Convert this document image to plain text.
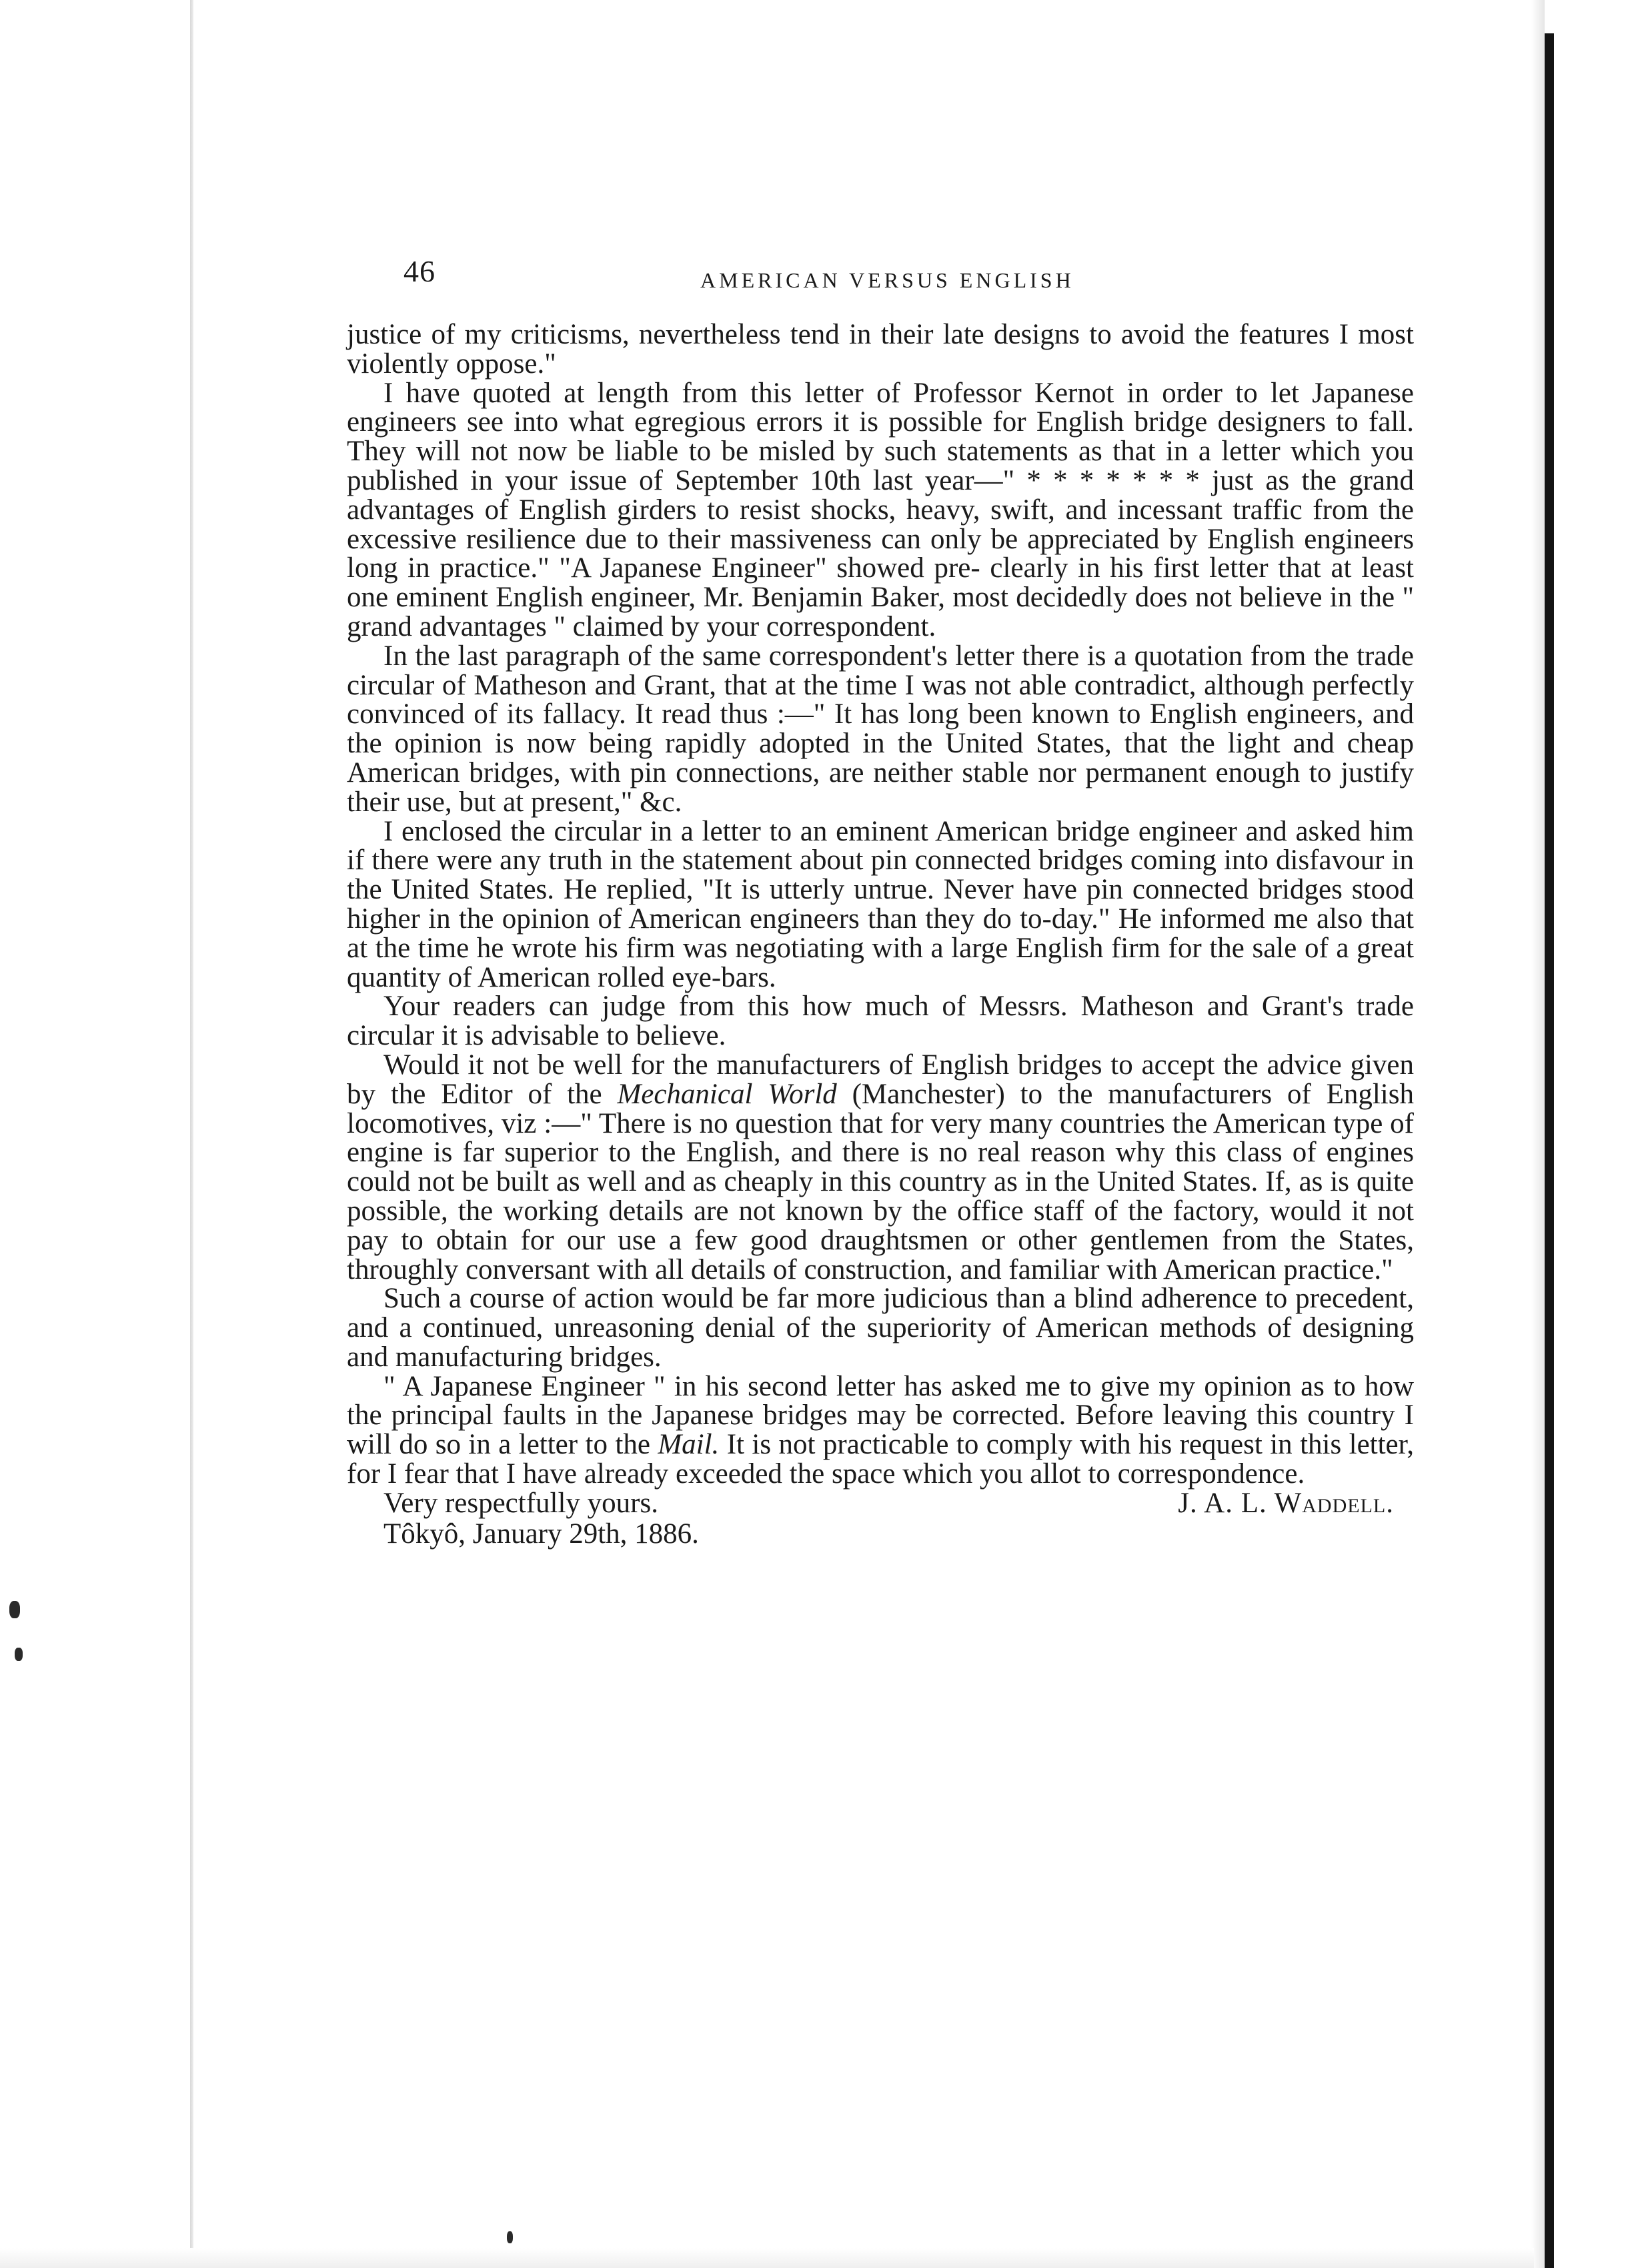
46	AMERICAN VERSUS ENGLISH

justice of my criticisms, nevertheless tend in their late designs to avoid the features I most violently oppose."

I have quoted at length from this letter of Professor Kernot in order to let Japanese engineers see into what egregious errors it is possible for English bridge designers to fall. They will not now be liable to be misled by such statements as that in a letter which you published in your issue of September 10th last year—" * * * * * * * just as the grand advantages of English girders to resist shocks, heavy, swift, and incessant traffic from the excessive resilience due to their massiveness can only be appreciated by English engineers long in practice." "A Japanese Engineer" showed pre- clearly in his first letter that at least one eminent English engineer, Mr. Benjamin Baker, most decidedly does not believe in the " grand advantages " claimed by your correspondent.

In the last paragraph of the same correspondent's letter there is a quotation from the trade circular of Matheson and Grant, that at the time I was not able contradict, although perfectly convinced of its fallacy. It read thus :—" It has long been known to English engineers, and the opinion is now being rapidly adopted in the United States, that the light and cheap American bridges, with pin connections, are neither stable nor permanent enough to justify their use, but at present," &c.

I enclosed the circular in a letter to an eminent American bridge engineer and asked him if there were any truth in the statement about pin connected bridges coming into disfavour in the United States. He replied, "It is utterly untrue. Never have pin connected bridges stood higher in the opinion of American engineers than they do to-day." He informed me also that at the time he wrote his firm was negotiating with a large English firm for the sale of a great quantity of American rolled eye-bars.

Your readers can judge from this how much of Messrs. Matheson and Grant's trade circular it is advisable to believe.

Would it not be well for the manufacturers of English bridges to accept the advice given by the Editor of the Mechanical World (Manchester) to the manufacturers of English locomotives, viz :—" There is no question that for very many countries the American type of engine is far superior to the English, and there is no real reason why this class of engines could not be built as well and as cheaply in this country as in the United States. If, as is quite possible, the working details are not known by the office staff of the factory, would it not pay to obtain for our use a few good draughtsmen or other gentlemen from the States, throughly conversant with all details of construction, and familiar with American practice."

Such a course of action would be far more judicious than a blind adherence to precedent, and a continued, unreasoning denial of the superiority of American methods of designing and manufacturing bridges.

" A Japanese Engineer " in his second letter has asked me to give my opinion as to how the principal faults in the Japanese bridges may be corrected. Before leaving this country I will do so in a letter to the Mail. It is not practicable to comply with his request in this letter, for I fear that I have already exceeded the space which you allot to correspondence.

Very respectfully yours.	J. A. L. Waddell.
Tôkyô, January 29th, 1886.
